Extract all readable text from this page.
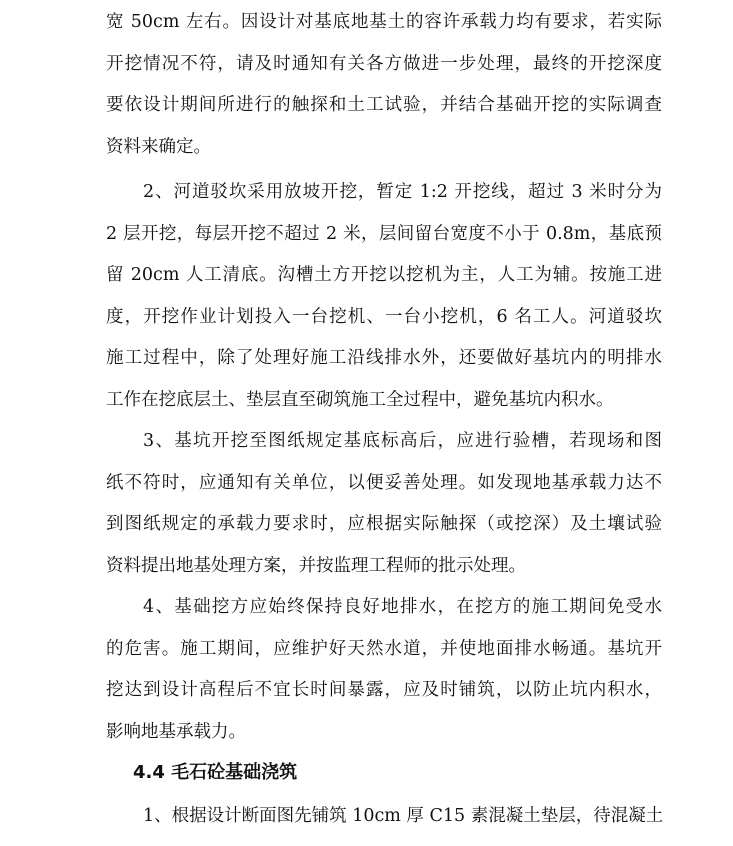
宽 50cm 左右。因设计对基底地基土的容许承载力均有要求，若实际
开挖情况不符，请及时通知有关各方做进一步处理，最终的开挖深度
要依设计期间所进行的触探和土工试验，并结合基础开挖的实际调查
资料来确定。
2、河道驳坎采用放坡开挖，暂定 1:2 开挖线，超过 3 米时分为
2 层开挖，每层开挖不超过 2 米，层间留台宽度不小于 0.8m，基底预
留 20cm 人工清底。沟槽土方开挖以挖机为主，人工为辅。按施工进
度，开挖作业计划投入一台挖机、一台小挖机，6 名工人。河道驳坎
施工过程中，除了处理好施工沿线排水外，还要做好基坑内的明排水
工作在挖底层土、垫层直至砌筑施工全过程中，避免基坑内积水。
3、基坑开挖至图纸规定基底标高后，应进行验槽，若现场和图
纸不符时，应通知有关单位，以便妥善处理。如发现地基承载力达不
到图纸规定的承载力要求时，应根据实际触探（或挖深）及土壤试验
资料提出地基处理方案，并按监理工程师的批示处理。
4、基础挖方应始终保持良好地排水，在挖方的施工期间免受水
的危害。施工期间，应维护好天然水道，并使地面排水畅通。基坑开
挖达到设计高程后不宜长时间暴露，应及时铺筑，以防止坑内积水，
影响地基承载力。
4.4 毛石砼基础浇筑
1、根据设计断面图先铺筑 10cm 厚 C15 素混凝土垫层，待混凝土
